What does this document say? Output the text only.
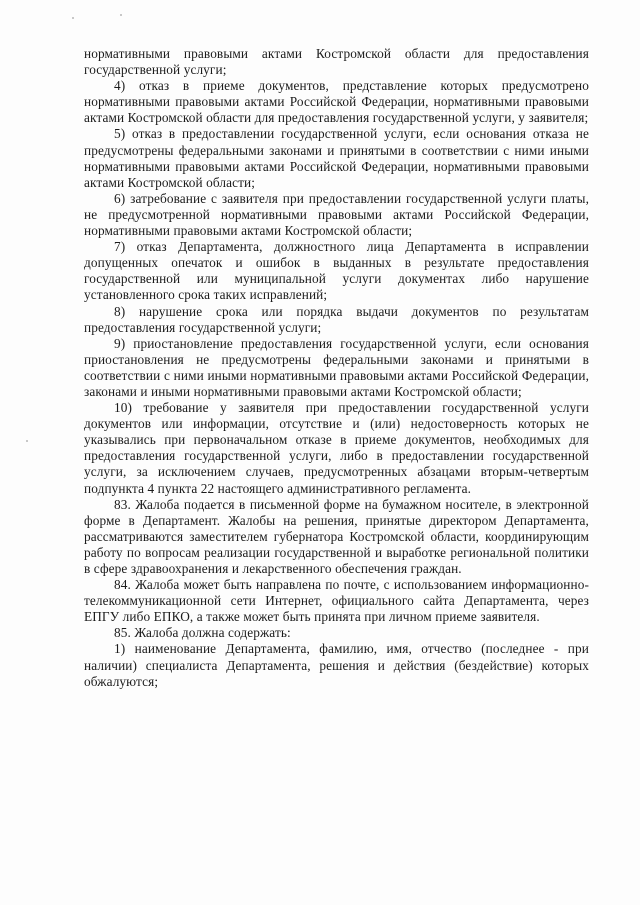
нормативными правовыми актами Костромской области для предоставления государственной услуги;

4) отказ в приеме документов, представление которых предусмотрено нормативными правовыми актами Российской Федерации, нормативными правовыми актами Костромской области для предоставления государственной услуги, у заявителя;

5) отказ в предоставлении государственной услуги, если основания отказа не предусмотрены федеральными законами и принятыми в соответствии с ними иными нормативными правовыми актами Российской Федерации, нормативными правовыми актами Костромской области;

6) затребование с заявителя при предоставлении государственной услуги платы, не предусмотренной нормативными правовыми актами Российской Федерации, нормативными правовыми актами Костромской области;

7) отказ Департамента, должностного лица Департамента в исправлении допущенных опечаток и ошибок в выданных в результате предоставления государственной или муниципальной услуги документах либо нарушение установленного срока таких исправлений;

8) нарушение срока или порядка выдачи документов по результатам предоставления государственной услуги;

9) приостановление предоставления государственной услуги, если основания приостановления не предусмотрены федеральными законами и принятыми в соответствии с ними иными нормативными правовыми актами Российской Федерации, законами и иными нормативными правовыми актами Костромской области;

10) требование у заявителя при предоставлении государственной услуги документов или информации, отсутствие и (или) недостоверность которых не указывались при первоначальном отказе в приеме документов, необходимых для предоставления государственной услуги, либо в предоставлении государственной услуги, за исключением случаев, предусмотренных абзацами вторым-четвертым подпункта 4 пункта 22 настоящего административного регламента.

83. Жалоба подается в письменной форме на бумажном носителе, в электронной форме в Департамент. Жалобы на решения, принятые директором Департамента, рассматриваются заместителем губернатора Костромской области, координирующим работу по вопросам реализации государственной и выработке региональной политики в сфере здравоохранения и лекарственного обеспечения граждан.

84. Жалоба может быть направлена по почте, с использованием информационно-телекоммуникационной сети Интернет, официального сайта Департамента, через ЕПГУ либо ЕПКО, а также может быть принята при личном приеме заявителя.

85. Жалоба должна содержать:

1) наименование Департамента, фамилию, имя, отчество (последнее - при наличии) специалиста Департамента, решения и действия (бездействие) которых обжалуются;
